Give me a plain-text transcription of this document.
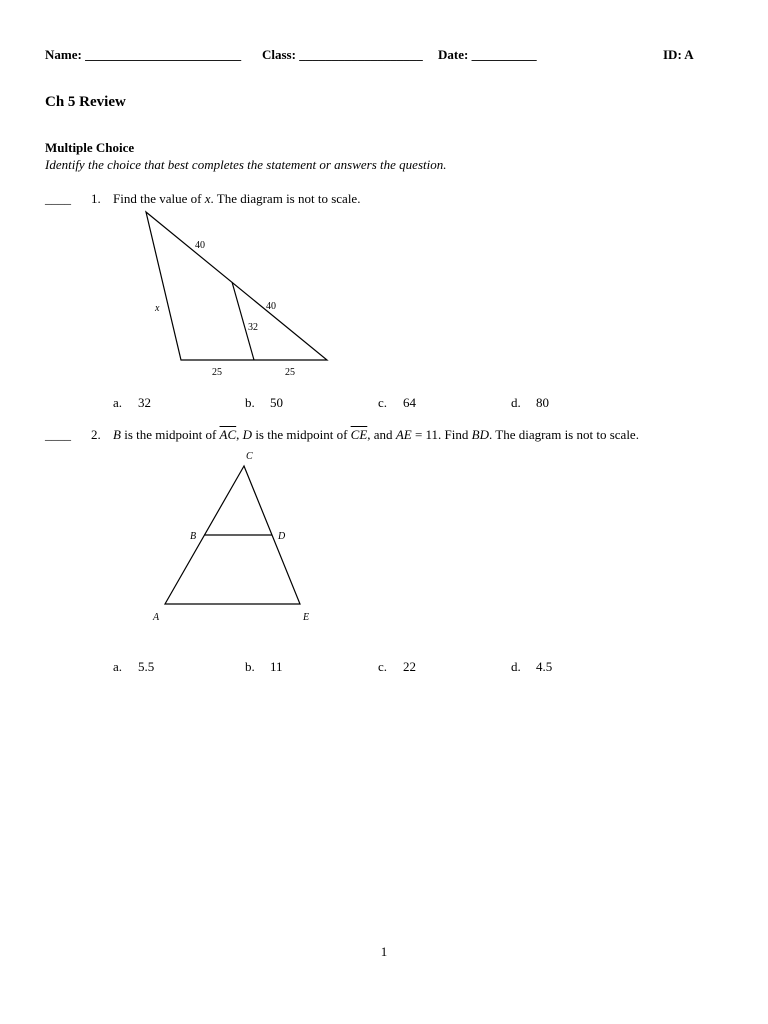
Name: ________________________ Class: ___________________ Date: __________	ID: A
Ch 5 Review
Multiple Choice
Identify the choice that best completes the statement or answers the question.
____ 1. Find the value of x. The diagram is not to scale.
40
40
x
32
25	25
C
B	D
A	E
a. 32	b. 50	c. 64	d. 80
____ 2. B is the midpoint of $\overline{AC}$, D is the midpoint of $\overline{CE}$, and AE = 11. Find BD. The diagram is not to scale.
a. 5.5	b. 11	c. 22	d. 4.5
1
